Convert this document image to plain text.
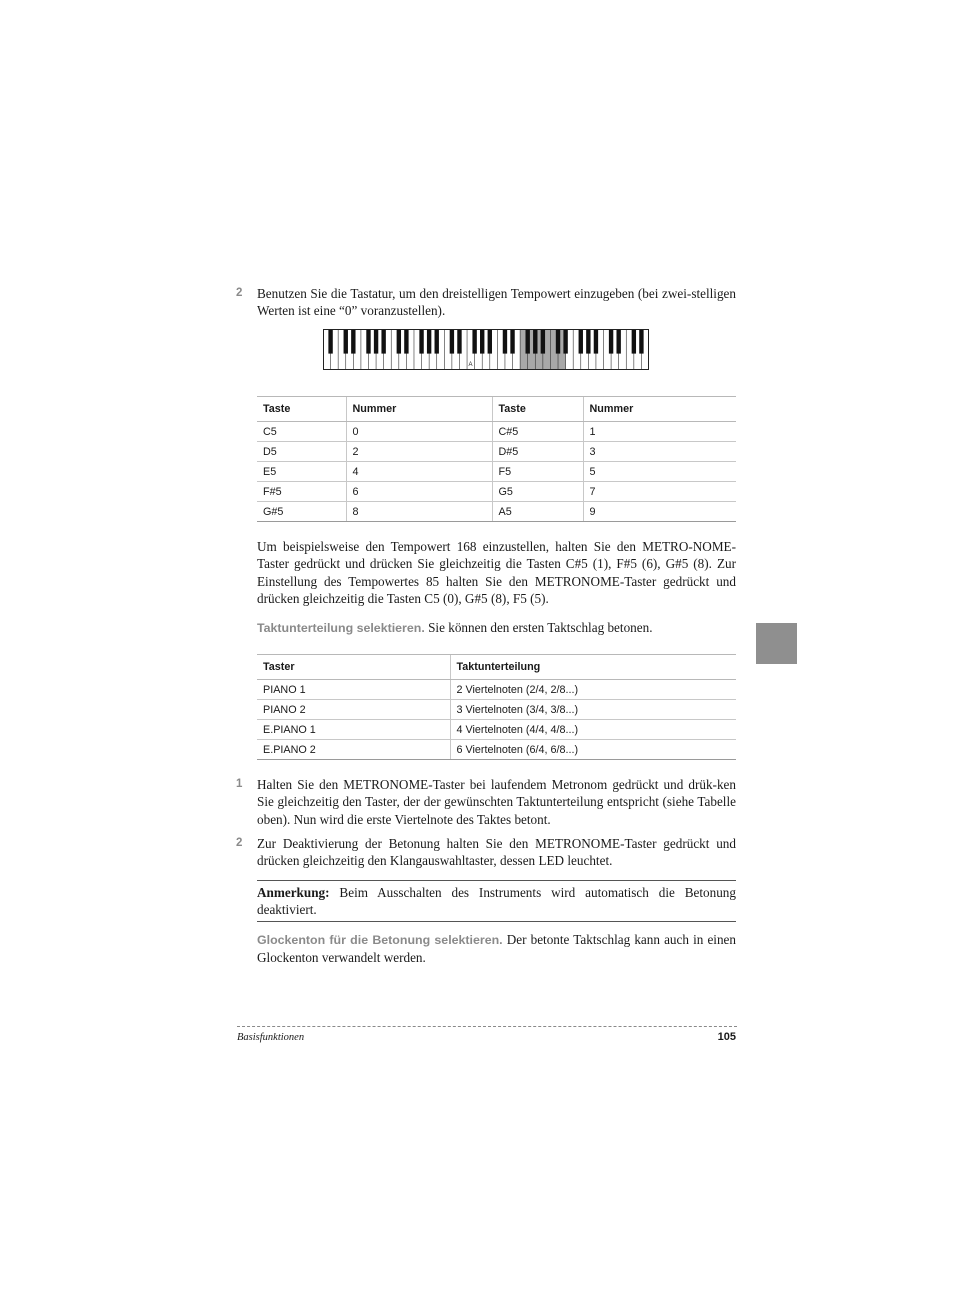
2	Benutzen Sie die Tastatur, um den dreistelligen Tempowert einzugeben (bei zwei-stelligen Werten ist eine “0” voranzustellen).
A
Taste	Nummer	Taste	Nummer
C5	0	C#5	1
D5	2	D#5	3
E5	4	F5	5
F#5	6	G5	7
G#5	8	A5	9
Um beispielsweise den Tempowert 168 einzustellen, halten Sie den METRO-NOME-Taster gedrückt und drücken Sie gleichzeitig die Tasten C#5 (1), F#5 (6), G#5 (8). Zur Einstellung des Tempowertes 85 halten Sie den METRONOME-Taster gedrückt und drücken gleichzeitig die Tasten C5 (0), G#5 (8), F5 (5).
Taktunterteilung selektieren. Sie können den ersten Taktschlag betonen.
Taster	Taktunterteilung
PIANO 1	2 Viertelnoten (2/4, 2/8...)
PIANO 2	3 Viertelnoten (3/4, 3/8...)
E.PIANO 1	4 Viertelnoten (4/4, 4/8...)
E.PIANO 2	6 Viertelnoten (6/4, 6/8...)
1	Halten Sie den METRONOME-Taster bei laufendem Metronom gedrückt und drük-ken Sie gleichzeitig den Taster, der der gewünschten Taktunterteilung entspricht (siehe Tabelle oben). Nun wird die erste Viertelnote des Taktes betont.
2	Zur Deaktivierung der Betonung halten Sie den METRONOME-Taster gedrückt und drücken gleichzeitig den Klangauswahltaster, dessen LED leuchtet.
Anmerkung: Beim Ausschalten des Instruments wird automatisch die Betonung deaktiviert.
Glockenton für die Betonung selektieren. Der betonte Taktschlag kann auch in einen Glockenton verwandelt werden.
Basisfunktionen	105
